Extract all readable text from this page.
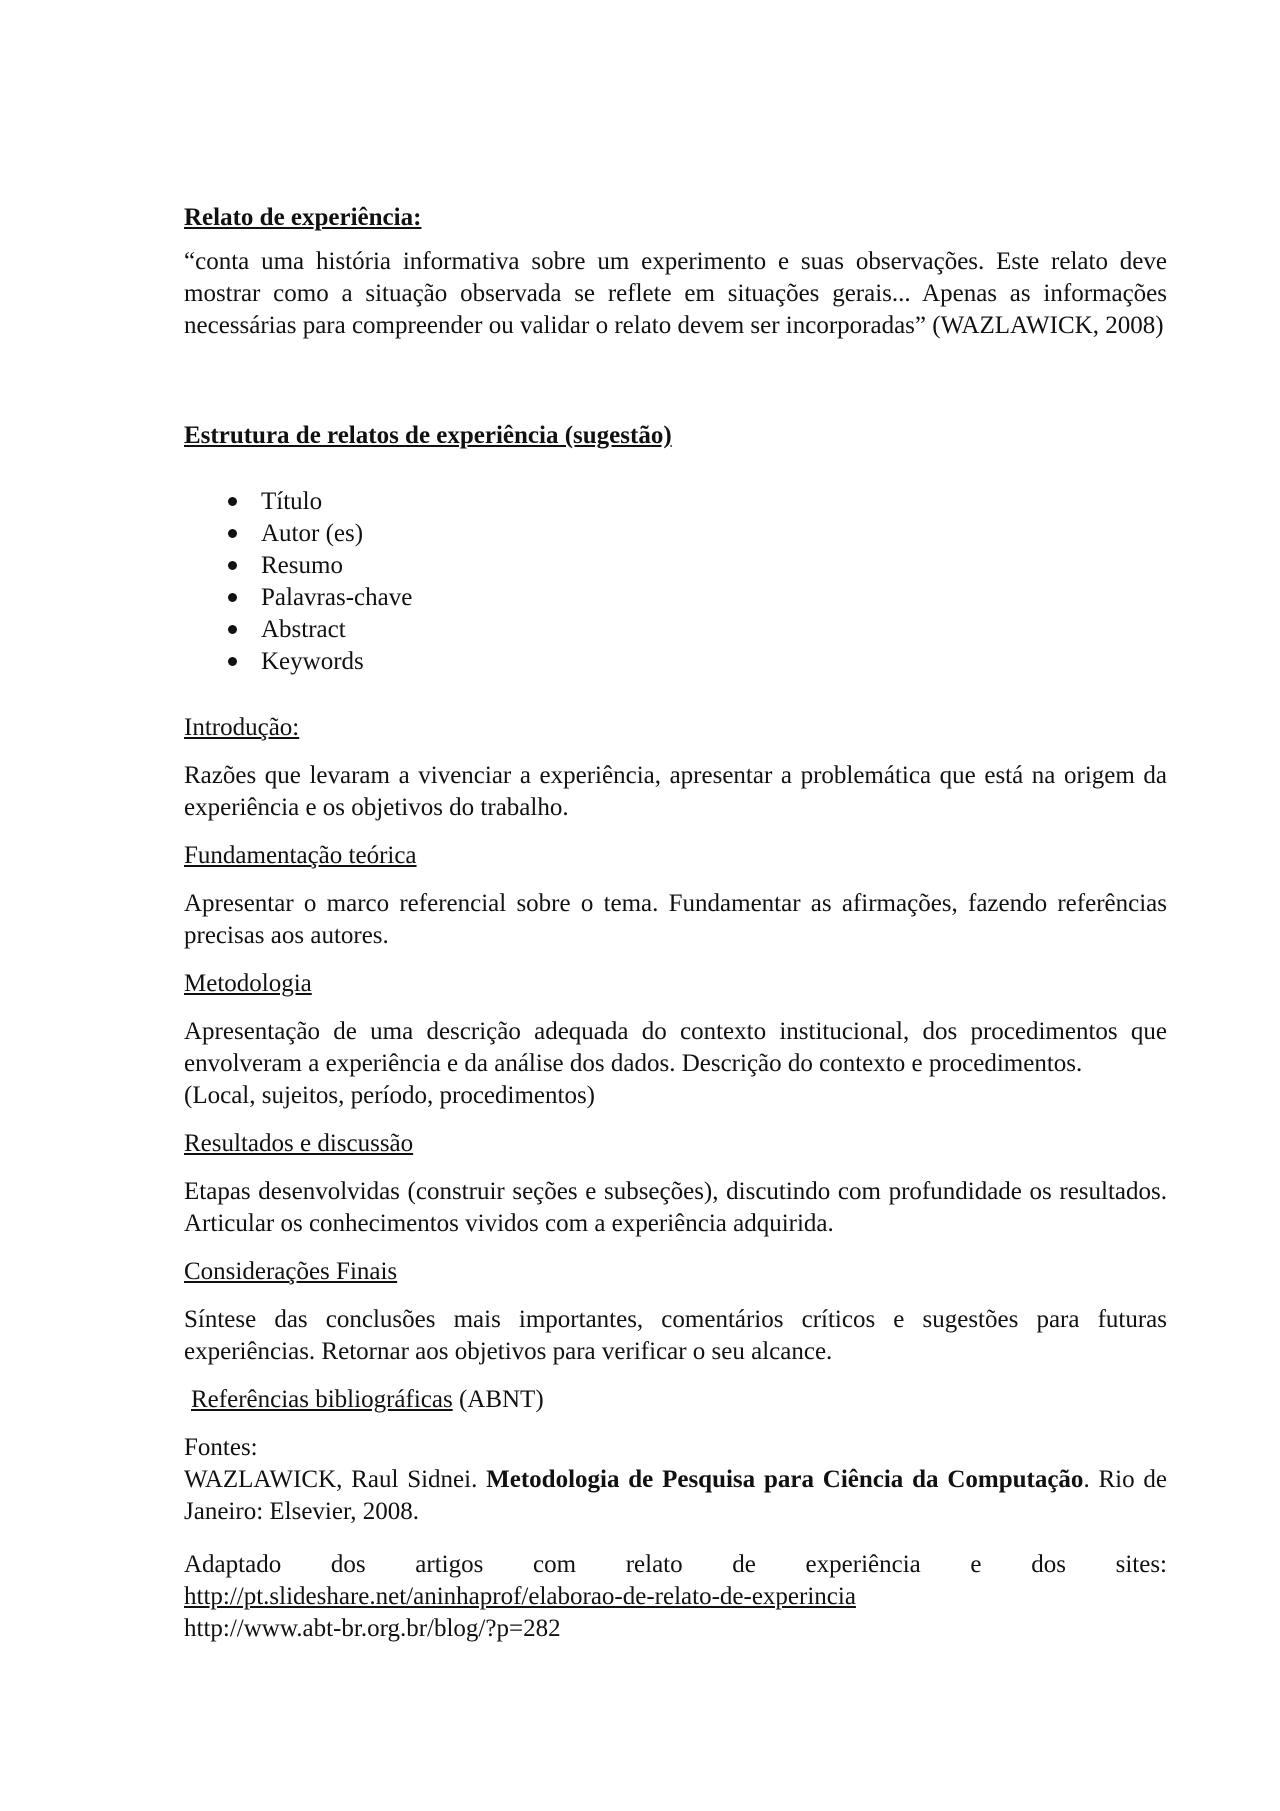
Relato de experiência:

“conta uma história informativa sobre um experimento e suas observações. Este relato deve mostrar como a situação observada se reflete em situações gerais... Apenas as informações necessárias para compreender ou validar o relato devem ser incorporadas” (WAZLAWICK, 2008)

Estrutura de relatos de experiência (sugestão)

Título
Autor (es)
Resumo
Palavras-chave
Abstract
Keywords

Introdução:

Razões que levaram a vivenciar a experiência, apresentar a problemática que está na origem da experiência e os objetivos do trabalho.

Fundamentação teórica

Apresentar o marco referencial sobre o tema. Fundamentar as afirmações, fazendo referências precisas aos autores.

Metodologia

Apresentação de uma descrição adequada do contexto institucional, dos procedimentos que envolveram a experiência e da análise dos dados. Descrição do contexto e procedimentos.

(Local, sujeitos, período, procedimentos)

Resultados e discussão

Etapas desenvolvidas (construir seções e subseções), discutindo com profundidade os resultados. Articular os conhecimentos vividos com a experiência adquirida.

Considerações Finais

Síntese das conclusões mais importantes, comentários críticos e sugestões para futuras experiências. Retornar aos objetivos para verificar o seu alcance.

Referências bibliográficas (ABNT)

Fontes:

WAZLAWICK, Raul Sidnei. Metodologia de Pesquisa para Ciência da Computação. Rio de Janeiro: Elsevier, 2008.

Adaptado dos artigos com relato de experiência e dos sites:

http://pt.slideshare.net/aninhaprof/elaborao-de-relato-de-experincia

http://www.abt-br.org.br/blog/?p=282
